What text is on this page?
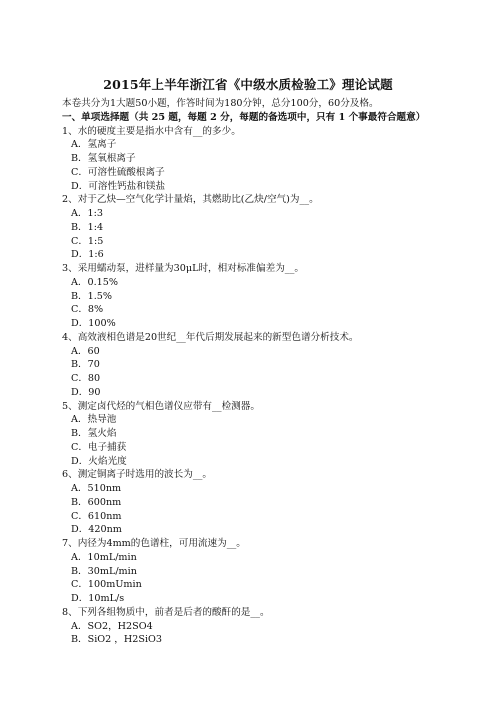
2015年上半年浙江省《中级水质检验工》理论试题
本卷共分为1大题50小题，作答时间为180分钟，总分100分，60分及格。
一、单项选择题（共 25 题，每题 2 分，每题的备选项中，只有 1 个事最符合题意）
1、水的硬度主要是指水中含有__的多少。
A．氢离子
B．氢氧根离子
C．可溶性硫酸根离子
D．可溶性钙盐和镁盐
2、对于乙炔—空气化学计量焰，其燃助比(乙炔/空气)为__。
A．1:3
B．1:4
C．1:5
D．1:6
3、采用蠕动泵，进样量为30μL时，相对标准偏差为__。
A．0.15%
B．1.5%
C．8%
D．100%
4、高效液相色谱是20世纪__年代后期发展起来的新型色谱分析技术。
A．60
B．70
C．80
D．90
5、测定卤代烃的气相色谱仪应带有__检测器。
A．热导池
B．氢火焰
C．电子捕获
D．火焰光度
6、测定铜离子时选用的波长为__。
A．510nm
B．600nm
C．610nm
D．420nm
7、内径为4mm的色谱柱，可用流速为__。
A．10mL/min
B．30mL/min
C．100mUmin
D．10mL/s
8、下列各组物质中，前者是后者的酸酐的是__。
A．SO2，H2SO4
B．SiO2 ，H2SiO3
